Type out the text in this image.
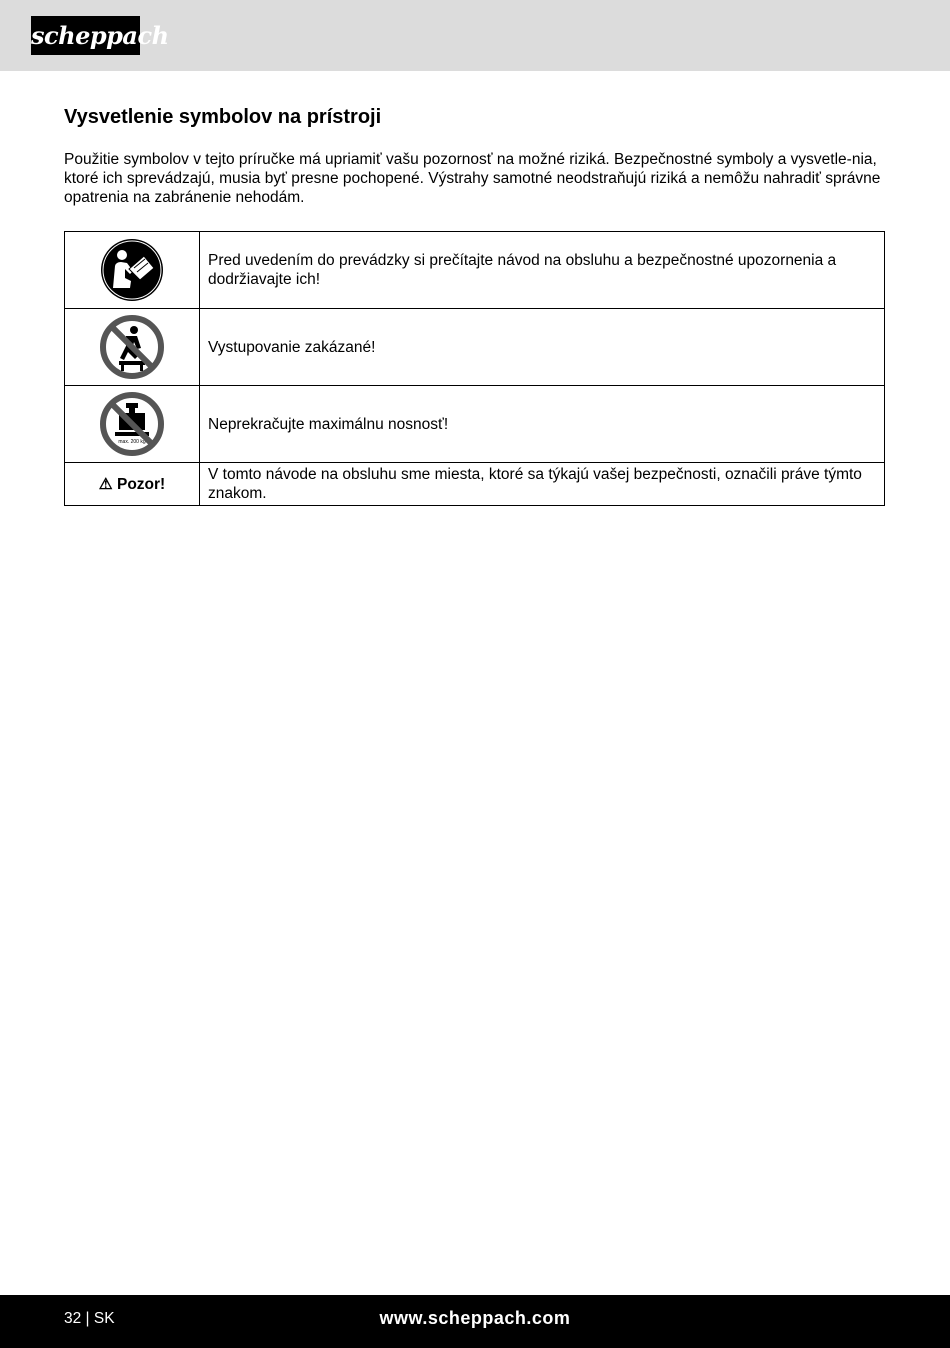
scheppach
Vysvetlenie symbolov na prístroji

Použitie symbolov v tejto príručke má upriamiť vašu pozornosť na možné riziká. Bezpečnostné symboly a vysvetle-nia, ktoré ich sprevádzajú, musia byť presne pochopené. Výstrahy samotné neodstraňujú riziká a nemôžu nahradiť správne opatrenia na zabránenie nehodám.

	Pred uvedením do prevádzky si prečítajte návod na obsluhu a bezpečnostné upozornenia a dodržiavajte ich!
	Vystupovanie zakázané!

max. 200 kg	Neprekračujte maximálnu nosnosť!
⚠ Pozor!	V tomto návode na obsluhu sme miesta, ktoré sa týkajú vašej bezpečnosti, označili práve týmto znakom.
32 | SK	www.scheppach.com
